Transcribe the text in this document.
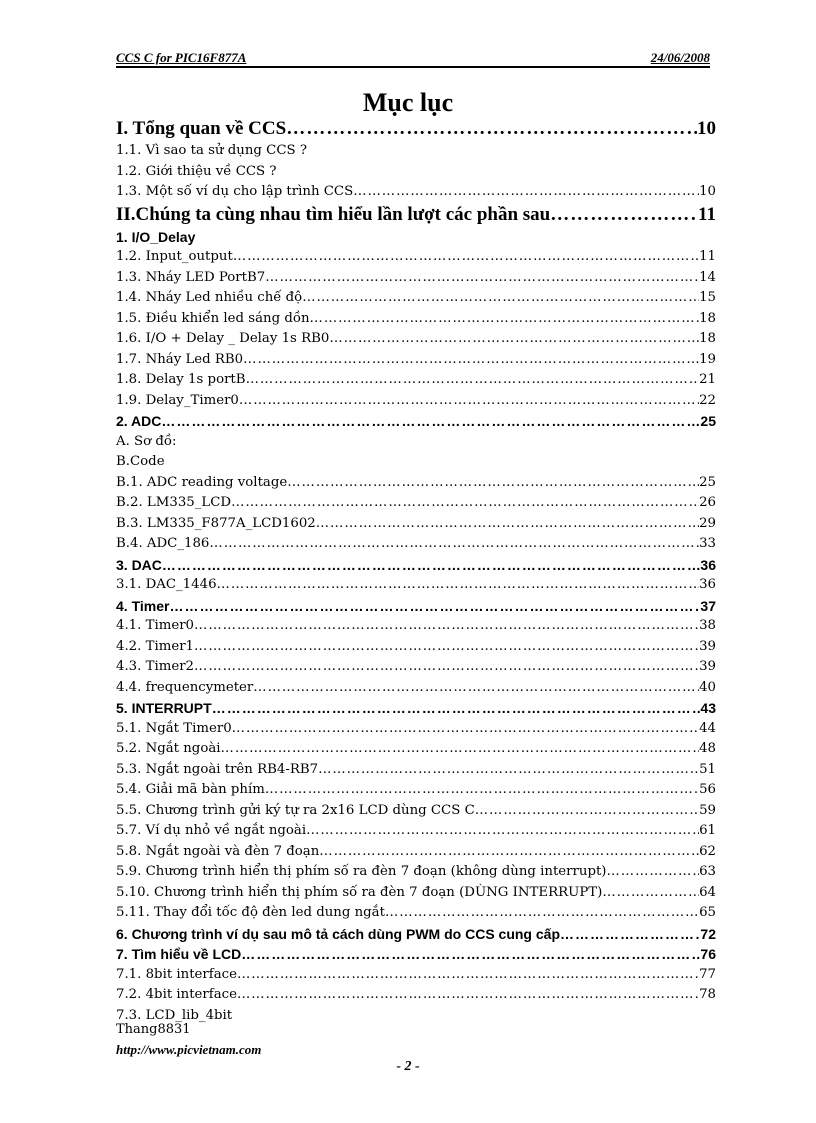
CCS C for PIC16F877A	24/06/2008
Mục lục
I. Tổng quan về CCS ……………………………………………………………………………………………………………………………	10
1.1. Vì sao ta sử dụng CCS ?
1.2. Giới thiệu về CCS ?
1.3. Một số ví dụ cho lập trình CCS ……………………………………………………………………………………………………………………………	10
II.Chúng ta cùng nhau tìm hiểu lần lượt các phần sau ……………………………………………………………………………………………………………………………	11
1. I/O_Delay
1.2. Input_output ……………………………………………………………………………………………………………………………	11
1.3. Nháy LED PortB7 ……………………………………………………………………………………………………………………………	14
1.4. Nháy Led nhiều chế độ ……………………………………………………………………………………………………………………………	15
1.5. Điều khiển led sáng dồn ……………………………………………………………………………………………………………………………	18
1.6. I/O + Delay _ Delay 1s RB0 ……………………………………………………………………………………………………………………………	18
1.7. Nháy Led RB0 ……………………………………………………………………………………………………………………………	19
1.8. Delay 1s portB ……………………………………………………………………………………………………………………………	21
1.9. Delay_Timer0 ……………………………………………………………………………………………………………………………	22
2. ADC ……………………………………………………………………………………………………………………………	25
A. Sơ đồ:
B.Code
B.1. ADC reading voltage ……………………………………………………………………………………………………………………………	25
B.2. LM335_LCD ……………………………………………………………………………………………………………………………	26
B.3. LM335_F877A_LCD1602 ……………………………………………………………………………………………………………………………	29
B.4. ADC_186 ……………………………………………………………………………………………………………………………	33
3. DAC ……………………………………………………………………………………………………………………………	36
3.1. DAC_1446 ……………………………………………………………………………………………………………………………	36
4. Timer ……………………………………………………………………………………………………………………………	37
4.1. Timer0 ……………………………………………………………………………………………………………………………	38
4.2. Timer1 ……………………………………………………………………………………………………………………………	39
4.3. Timer2 ……………………………………………………………………………………………………………………………	39
4.4. frequencymeter ……………………………………………………………………………………………………………………………	40
5. INTERRUPT ……………………………………………………………………………………………………………………………	43
5.1. Ngắt Timer0 ……………………………………………………………………………………………………………………………	44
5.2. Ngắt ngoài ……………………………………………………………………………………………………………………………	48
5.3. Ngắt ngoài trên RB4-RB7 ……………………………………………………………………………………………………………………………	51
5.4. Giải mã bàn phím ……………………………………………………………………………………………………………………………	56
5.5. Chương trình gửi ký tự ra 2x16 LCD dùng CCS C ……………………………………………………………………………………………………………………………	59
5.7. Ví dụ nhỏ về ngắt ngoài ……………………………………………………………………………………………………………………………	61
5.8. Ngắt ngoài và đèn 7 đoạn ……………………………………………………………………………………………………………………………	62
5.9. Chương trình hiển thị phím số ra đèn 7 đoạn (không dùng interrupt) ……………………………………………………………………………………………………………………………	63
5.10. Chương trình hiển thị phím số ra đèn 7 đoạn (DÙNG INTERRUPT) ……………………………………………………………………………………………………………………………	64
5.11. Thay đổi tốc độ đèn led dung ngắt ……………………………………………………………………………………………………………………………	65
6. Chương trình ví dụ sau mô tả cách dùng PWM do CCS cung cấp ……………………………………………………………………………………………………………………………	72
7. Tìm hiểu về LCD ……………………………………………………………………………………………………………………………	76
7.1. 8bit interface ……………………………………………………………………………………………………………………………	77
7.2. 4bit interface ……………………………………………………………………………………………………………………………	78
7.3. LCD_lib_4bit
Thang8831
http://www.picvietnam.com
- 2 -
